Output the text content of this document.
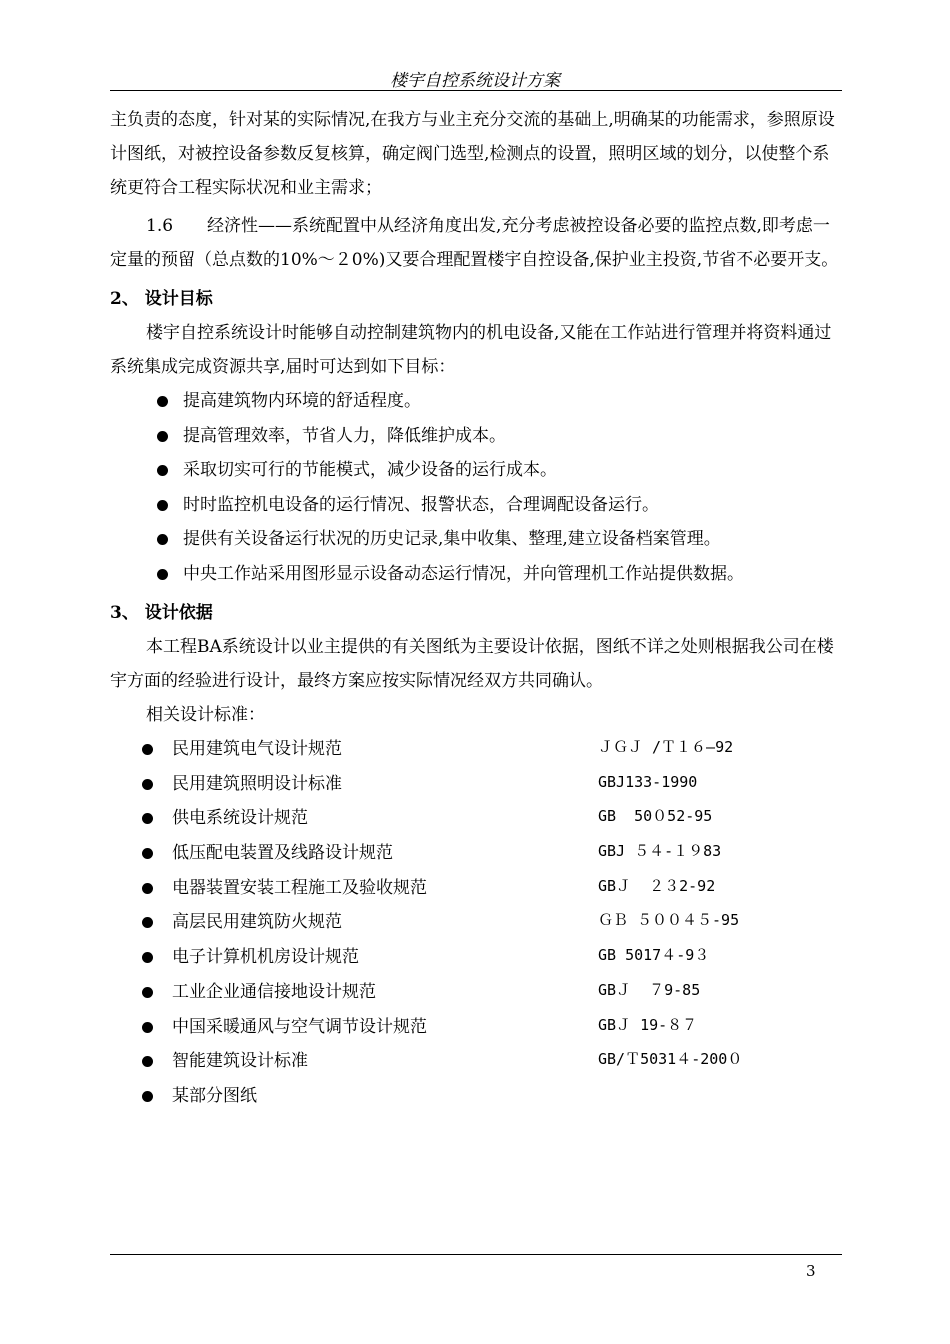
楼宇自控系统设计方案

主负责的态度，针对某的实际情况,在我方与业主充分交流的基础上,明确某的功能需求，参照原设计图纸，对被控设备参数反复核算，确定阀门选型,检测点的设置，照明区域的划分，以使整个系统更符合工程实际状况和业主需求；

1.6　　经济性——系统配置中从经济角度出发,充分考虑被控设备必要的监控点数,即考虑一定量的预留（总点数的10%～２0%)又要合理配置楼宇自控设备,保护业主投资,节省不必要开支。

2、 设计目标

楼宇自控系统设计时能够自动控制建筑物内的机电设备,又能在工作站进行管理并将资料通过系统集成完成资源共享,届时可达到如下目标：

提高建筑物内环境的舒适程度。
提高管理效率，节省人力，降低维护成本。
采取切实可行的节能模式，减少设备的运行成本。
时时监控机电设备的运行情况、报警状态，合理调配设备运行。
提供有关设备运行状况的历史记录,集中收集、整理,建立设备档案管理。
中央工作站采用图形显示设备动态运行情况，并向管理机工作站提供数据。
3、 设计依据

本工程BA系统设计以业主提供的有关图纸为主要设计依据，图纸不详之处则根据我公司在楼宇方面的经验进行设计，最终方案应按实际情况经双方共同确认。

相关设计标准：

民用建筑电气设计规范	ＪＧＪ /Ｔ１６—92
民用建筑照明设计标准	GBJ133-1990
供电系统设计规范	GB  50０52-95
低压配电装置及线路设计规范	GBJ ５４-１９83
电器装置安装工程施工及验收规范	GBＪ  ２３2-92
高层民用建筑防火规范	ＧＢ ５００４５-95
电子计算机机房设计规范	GB 5017４-9３
工业企业通信接地设计规范	GBＪ  ７9-85
中国采暖通风与空气调节设计规范	GBＪ 19-８７
智能建筑设计标准	GB/Ｔ5031４-200０
某部分图纸
3
